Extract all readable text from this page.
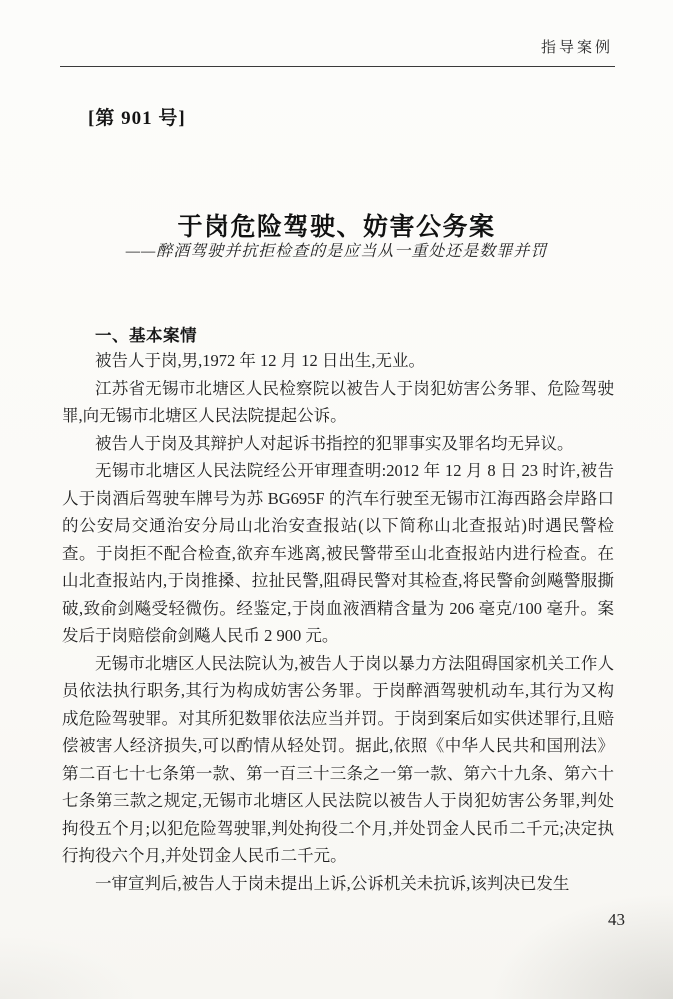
指导案例
[第 901 号]
于岗危险驾驶、妨害公务案
——醉酒驾驶并抗拒检查的是应当从一重处还是数罪并罚
一、基本案情

被告人于岗,男,1972 年 12 月 12 日出生,无业。

江苏省无锡市北塘区人民检察院以被告人于岗犯妨害公务罪、危险驾驶罪,向无锡市北塘区人民法院提起公诉。

被告人于岗及其辩护人对起诉书指控的犯罪事实及罪名均无异议。

无锡市北塘区人民法院经公开审理查明:2012 年 12 月 8 日 23 时许,被告人于岗酒后驾驶车牌号为苏 BG695F 的汽车行驶至无锡市江海西路会岸路口的公安局交通治安分局山北治安查报站(以下简称山北查报站)时遇民警检查。于岗拒不配合检查,欲弃车逃离,被民警带至山北查报站内进行检查。在山北查报站内,于岗推搡、拉扯民警,阻碍民警对其检查,将民警俞剑飚警服撕破,致俞剑飚受轻微伤。经鉴定,于岗血液酒精含量为 206 毫克/100 毫升。案发后于岗赔偿俞剑飚人民币 2 900 元。

无锡市北塘区人民法院认为,被告人于岗以暴力方法阻碍国家机关工作人员依法执行职务,其行为构成妨害公务罪。于岗醉酒驾驶机动车,其行为又构成危险驾驶罪。对其所犯数罪依法应当并罚。于岗到案后如实供述罪行,且赔偿被害人经济损失,可以酌情从轻处罚。据此,依照《中华人民共和国刑法》第二百七十七条第一款、第一百三十三条之一第一款、第六十九条、第六十七条第三款之规定,无锡市北塘区人民法院以被告人于岗犯妨害公务罪,判处拘役五个月;以犯危险驾驶罪,判处拘役二个月,并处罚金人民币二千元;决定执行拘役六个月,并处罚金人民币二千元。

一审宣判后,被告人于岗未提出上诉,公诉机关未抗诉,该判决已发生

43
